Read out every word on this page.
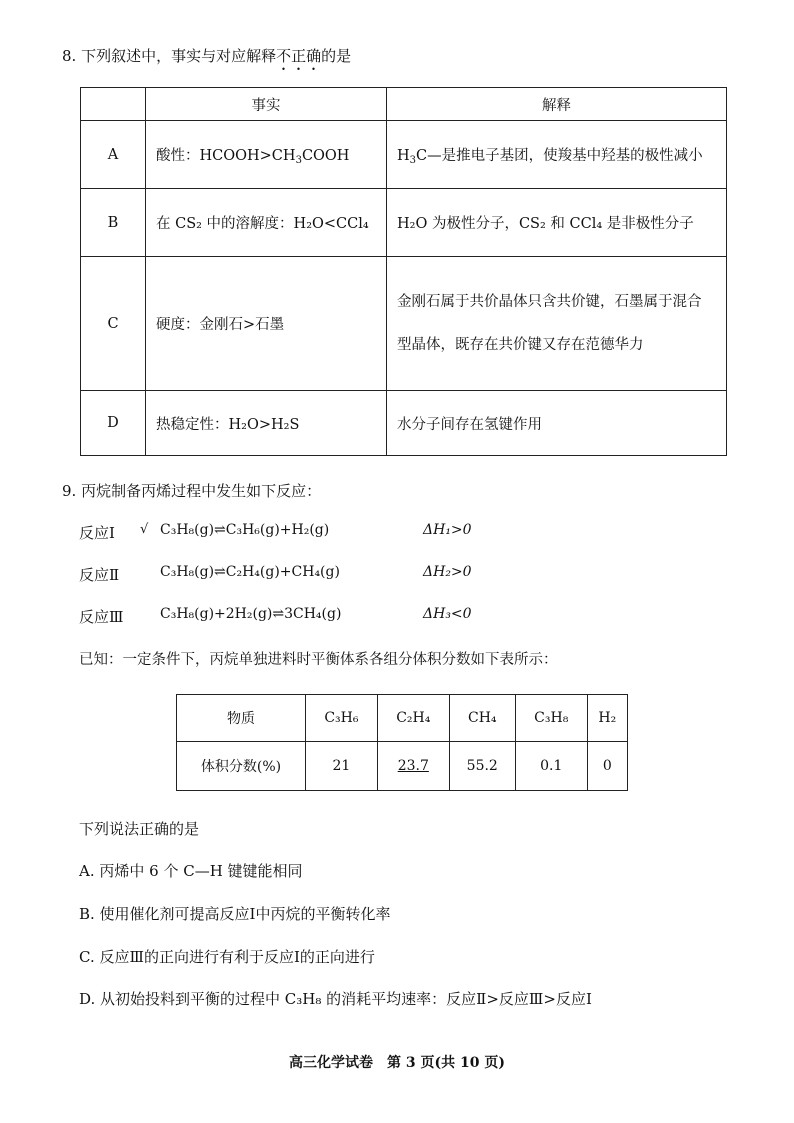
8. 下列叙述中，事实与对应解释不正确的是
	事实	解释
A	酸性：$HCOOH>CH_3COOH$	$H_3C—$是推电子基团，使羧基中羟基的极性减小
B	在 CS₂ 中的溶解度：H₂O<CCl₄	H₂O 为极性分子，CS₂ 和 CCl₄ 是非极性分子
C	硬度：金刚石>石墨	金刚石属于共价晶体只含共价键，石墨属于混合
型晶体，既存在共价键又存在范德华力

D	热稳定性：H₂O>H₂S	水分子间存在氢键作用
9. 丙烷制备丙烯过程中发生如下反应：
反应Ⅰ √ C₃H₈(g)⇌C₃H₆(g)+H₂(g)	ΔH₁>0
反应Ⅱ	C₃H₈(g)⇌C₂H₄(g)+CH₄(g)	ΔH₂>0
反应Ⅲ	C₃H₈(g)+2H₂(g)⇌3CH₄(g)	ΔH₃<0
已知：一定条件下，丙烷单独进料时平衡体系各组分体积分数如下表所示：
物质	C₃H₆	C₂H₄	CH₄	C₃H₈	H₂
体积分数(%)	21	23.7	55.2	0.1	0
下列说法正确的是
A. 丙烯中 6 个 C—H 键键能相同
B. 使用催化剂可提高反应Ⅰ中丙烷的平衡转化率
C. 反应Ⅲ的正向进行有利于反应Ⅰ的正向进行
D. 从初始投料到平衡的过程中 C₃H₈ 的消耗平均速率：反应Ⅱ>反应Ⅲ>反应Ⅰ
高三化学试卷　第 3 页(共 10 页)
